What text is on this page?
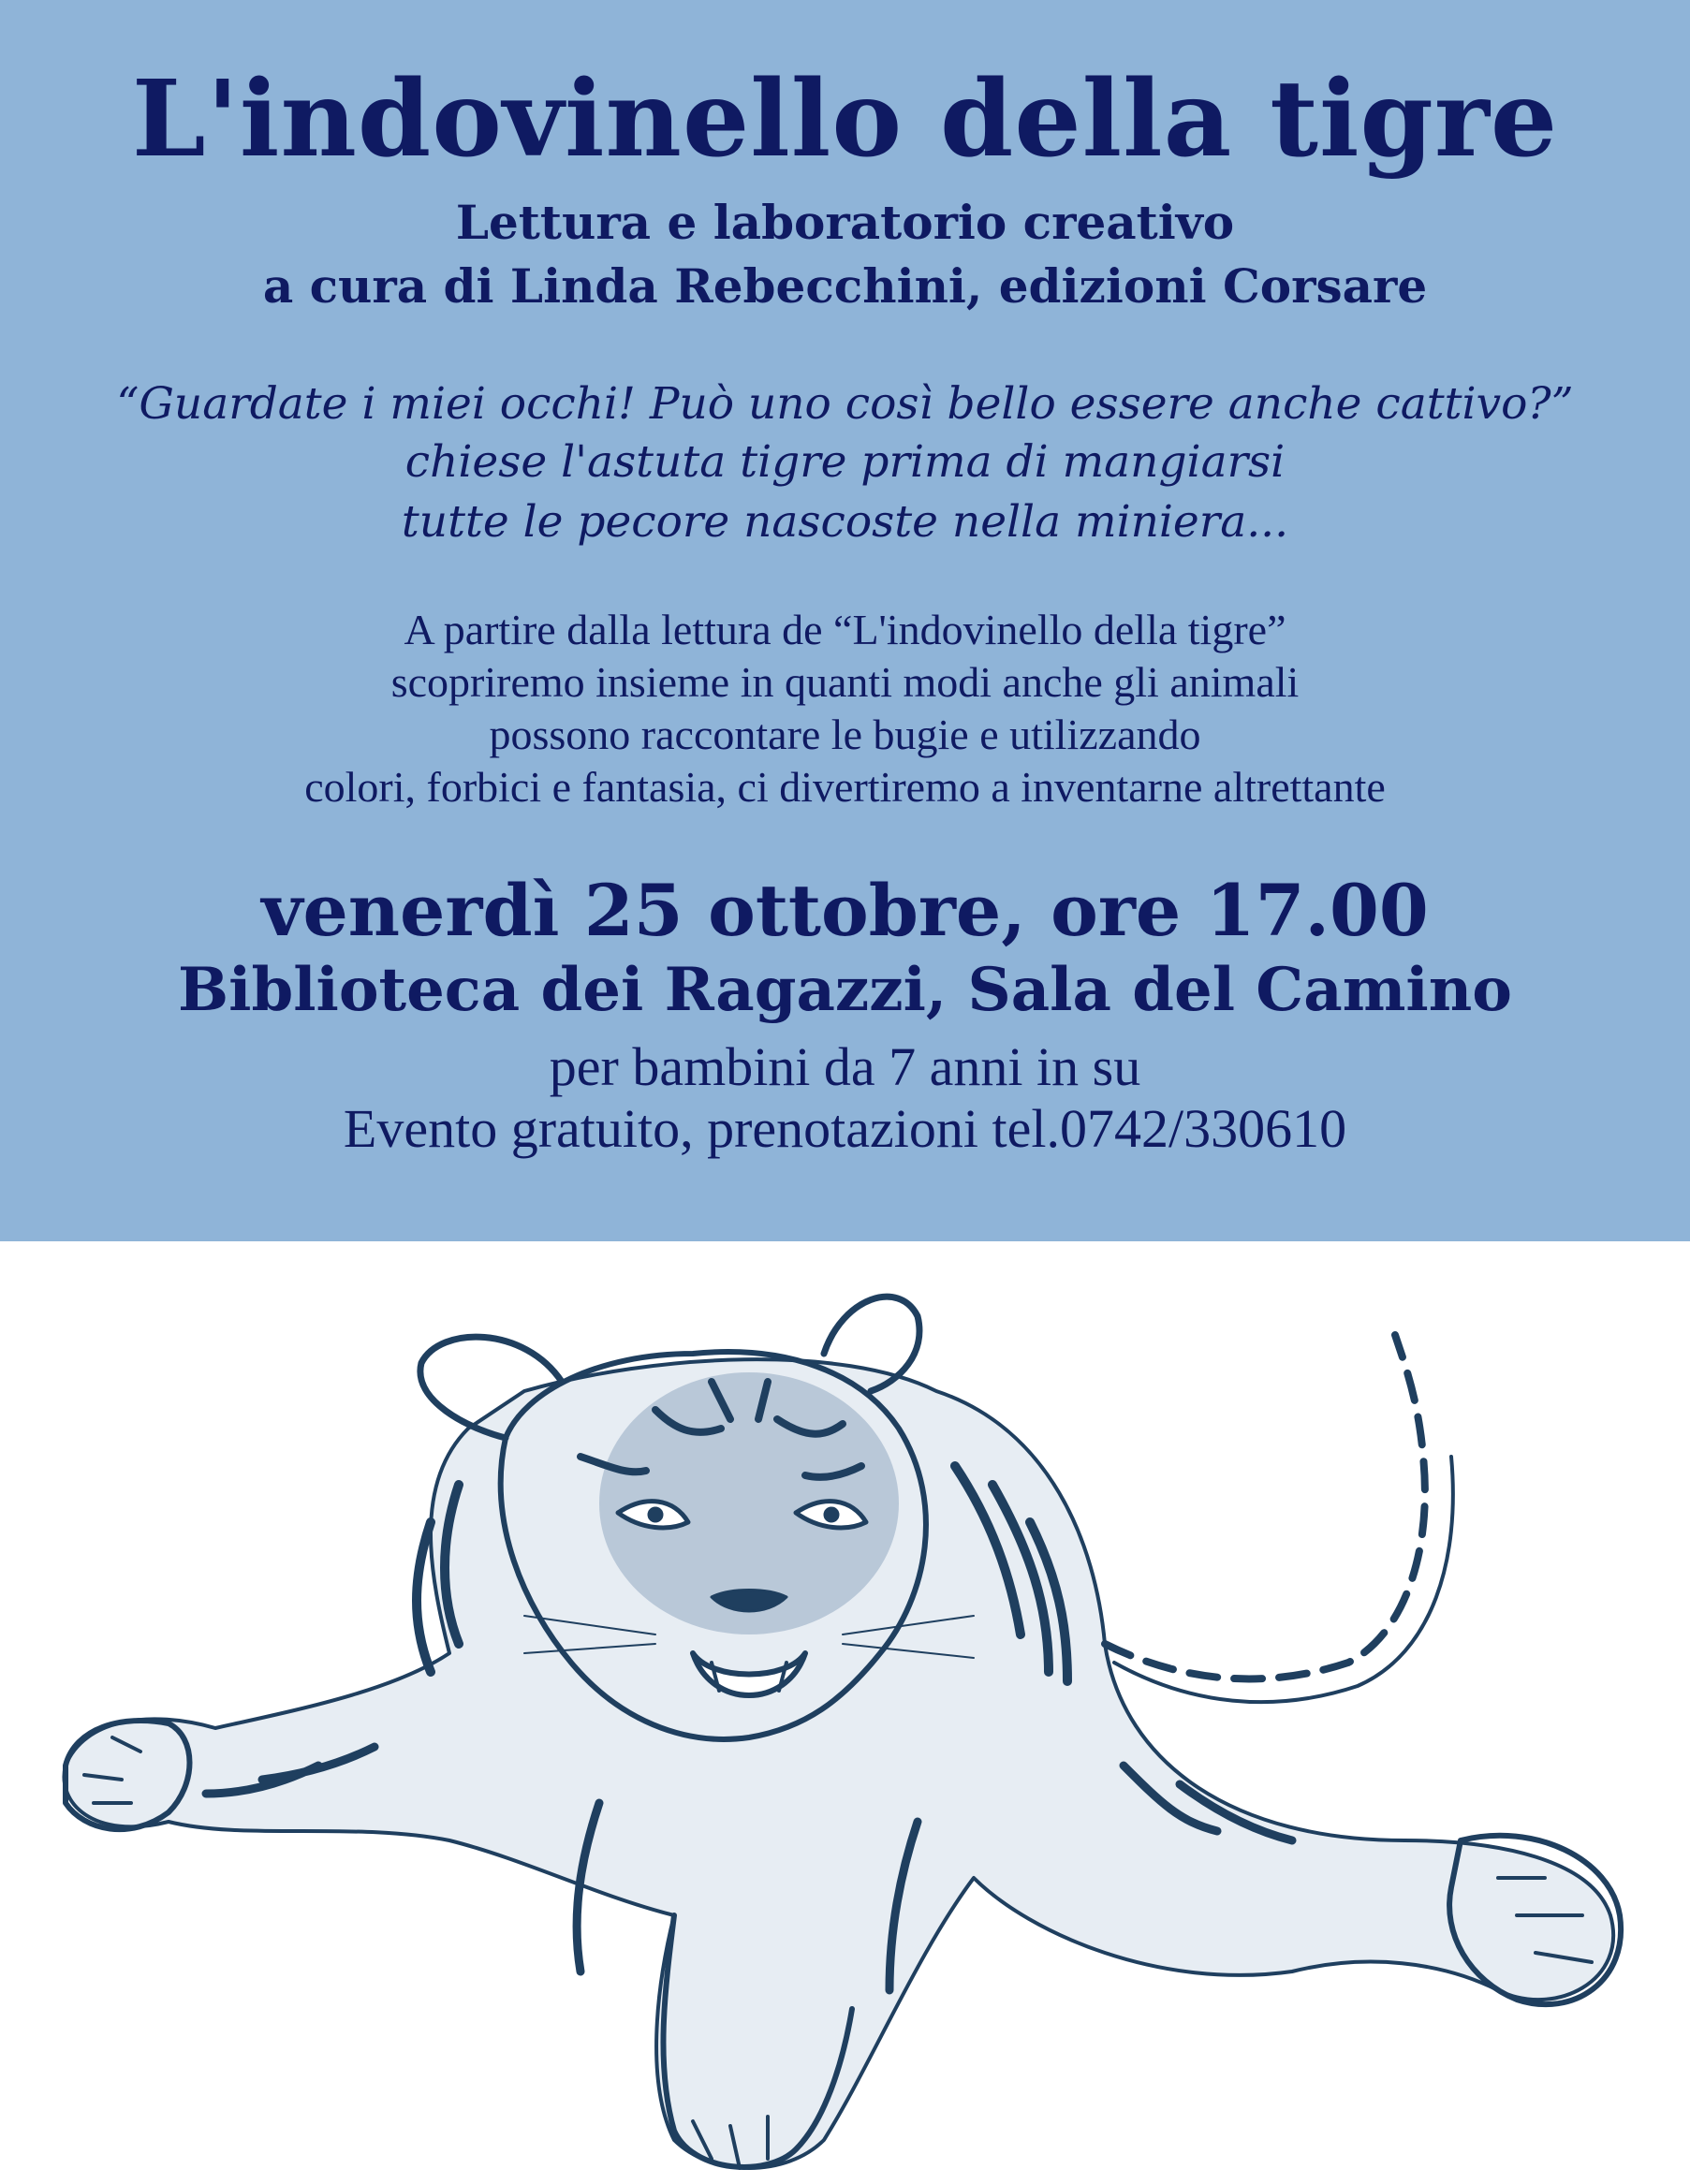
L'indovinello della tigre
Lettura e laboratorio creativo
a cura di Linda Rebecchini, edizioni Corsare
“Guardate i miei occhi! Può uno così bello essere anche cattivo?”
chiese l'astuta tigre prima di mangiarsi
tutte le pecore nascoste nella miniera...
A partire dalla lettura de “L'indovinello della tigre”
scopriremo insieme in quanti modi anche gli animali
possono raccontare le bugie e utilizzando
colori, forbici e fantasia, ci divertiremo a inventarne altrettante
venerdì 25 ottobre, ore 17.00
Biblioteca dei Ragazzi, Sala del Camino
per bambini da 7 anni in su
Evento gratuito, prenotazioni tel.0742/330610
